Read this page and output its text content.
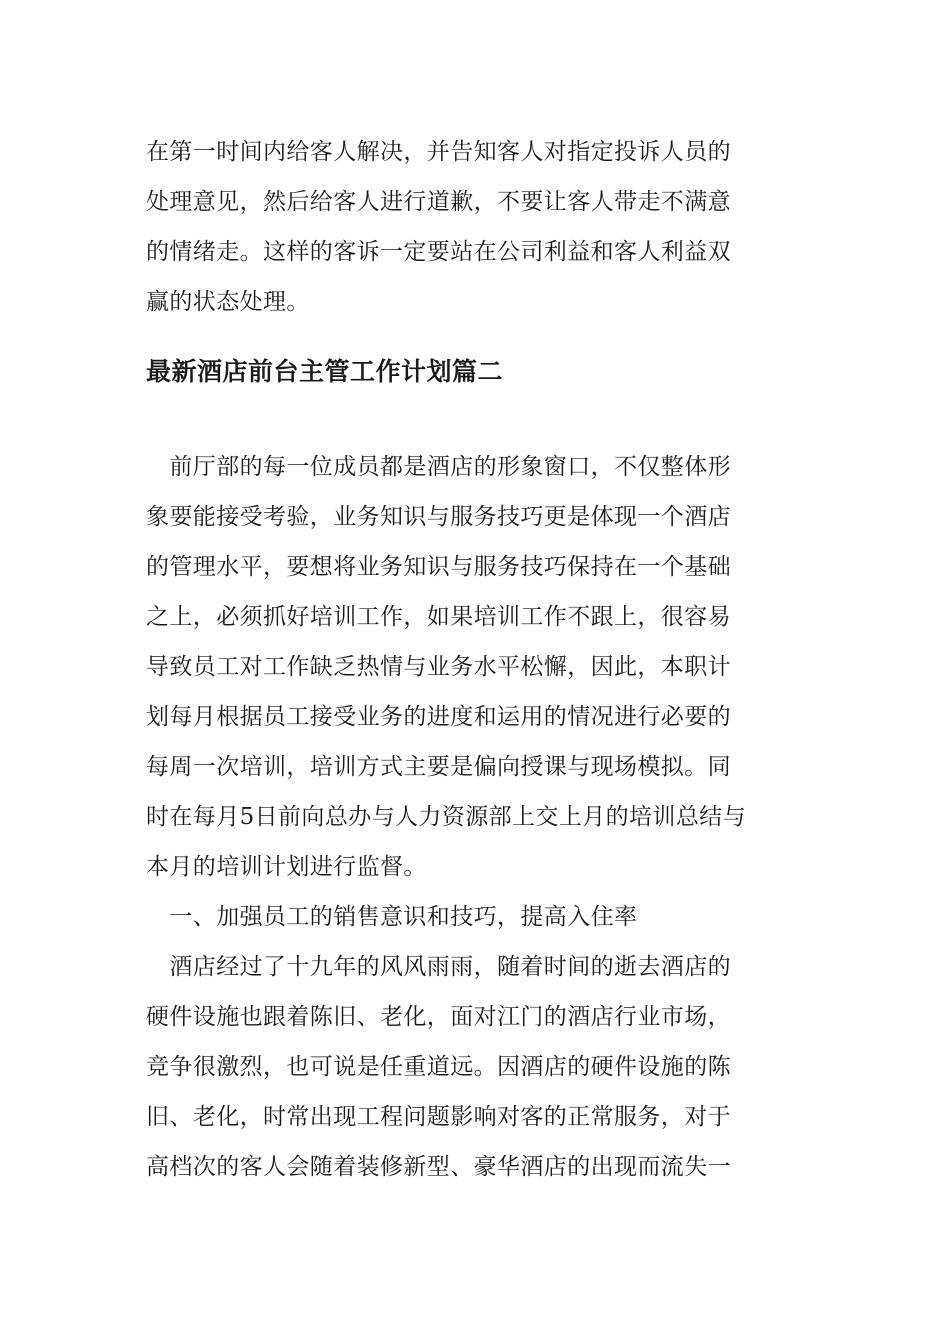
在第一时间内给客人解决，并告知客人对指定投诉人员的
处理意见，然后给客人进行道歉，不要让客人带走不满意
的情绪走。这样的客诉一定要站在公司利益和客人利益双
赢的状态处理。
最新酒店前台主管工作计划篇二
　前厅部的每一位成员都是酒店的形象窗口，不仅整体形
象要能接受考验，业务知识与服务技巧更是体现一个酒店
的管理水平，要想将业务知识与服务技巧保持在一个基础
之上，必须抓好培训工作，如果培训工作不跟上，很容易
导致员工对工作缺乏热情与业务水平松懈，因此，本职计
划每月根据员工接受业务的进度和运用的情况进行必要的
每周一次培训，培训方式主要是偏向授课与现场模拟。同
时在每月5日前向总办与人力资源部上交上月的培训总结与
本月的培训计划进行监督。
　一、加强员工的销售意识和技巧，提高入住率
　酒店经过了十九年的风风雨雨，随着时间的逝去酒店的
硬件设施也跟着陈旧、老化，面对江门的酒店行业市场，
竞争很激烈，也可说是任重道远。因酒店的硬件设施的陈
旧、老化，时常出现工程问题影响对客的正常服务，对于
高档次的客人会随着装修新型、豪华酒店的出现而流失一
